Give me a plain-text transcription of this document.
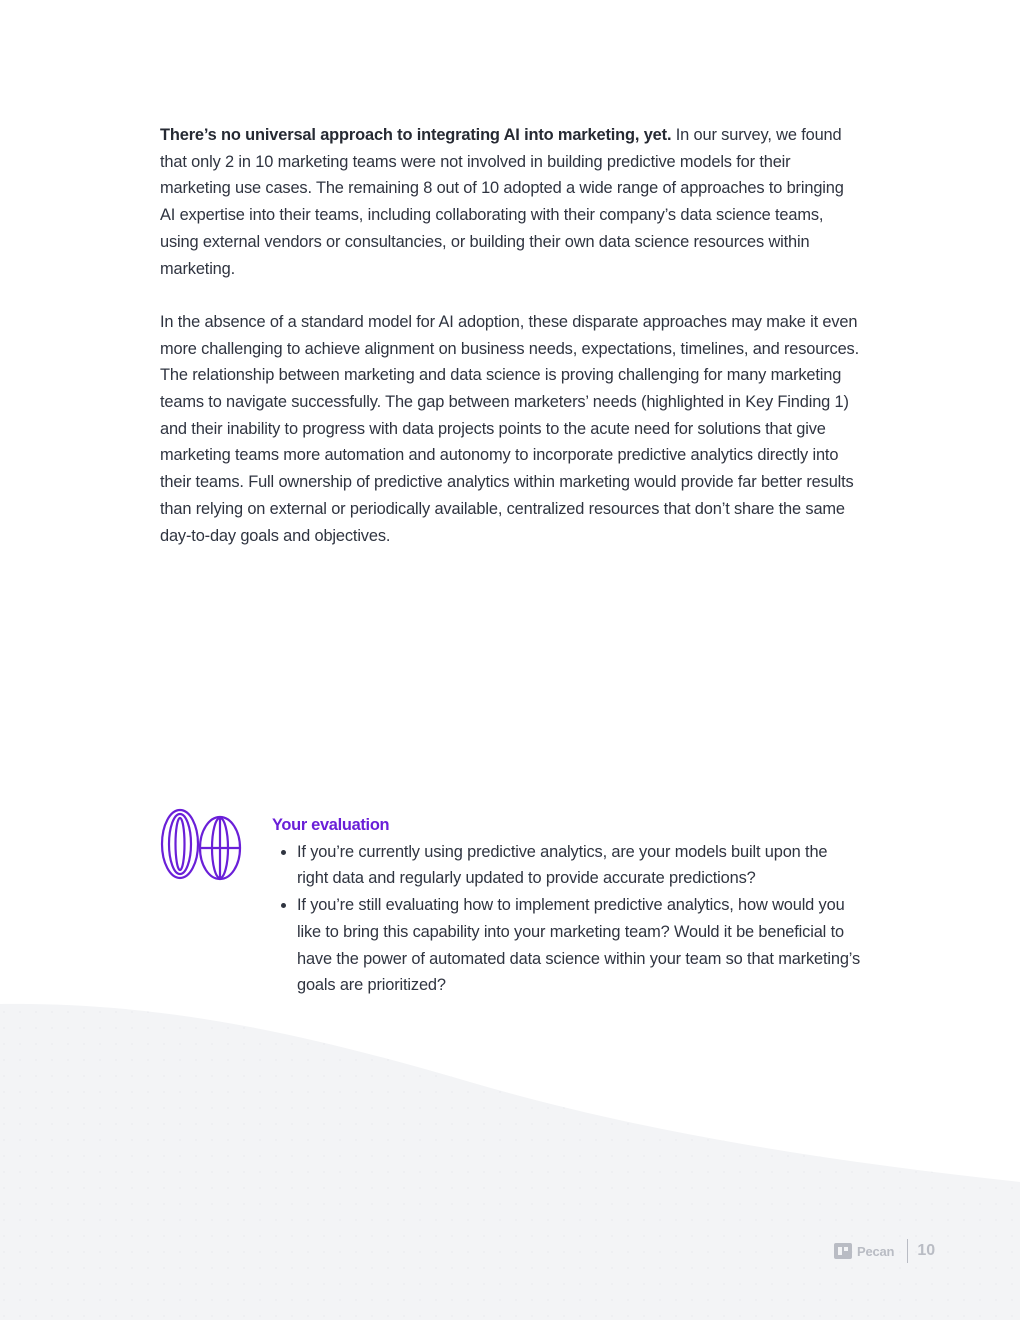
There’s no universal approach to integrating AI into marketing, yet. In our survey, we found that only 2 in 10 marketing teams were not involved in building predictive models for their marketing use cases. The remaining 8 out of 10 adopted a wide range of approaches to bringing AI expertise into their teams, including collaborating with their company’s data science teams, using external vendors or consultancies, or building their own data science resources within marketing.

In the absence of a standard model for AI adoption, these disparate approaches may make it even more challenging to achieve alignment on business needs, expectations, timelines, and resources. The relationship between marketing and data science is proving challenging for many marketing teams to navigate successfully. The gap between marketers’ needs (highlighted in Key Finding 1) and their inability to progress with data projects points to the acute need for solutions that give marketing teams more automation and autonomy to incorporate predictive analytics directly into their teams. Full ownership of predictive analytics within marketing would provide far better results than relying on external or periodically available, centralized resources that don’t share the same day-to-day goals and objectives.

Your evaluation
If you’re currently using predictive analytics, are your models built upon the right data and regularly updated to provide accurate predictions?
If you’re still evaluating how to implement predictive analytics, how would you like to bring this capability into your marketing team? Would it be beneficial to have the power of automated data science within your team so that marketing’s goals are prioritized?
Pecan 10
